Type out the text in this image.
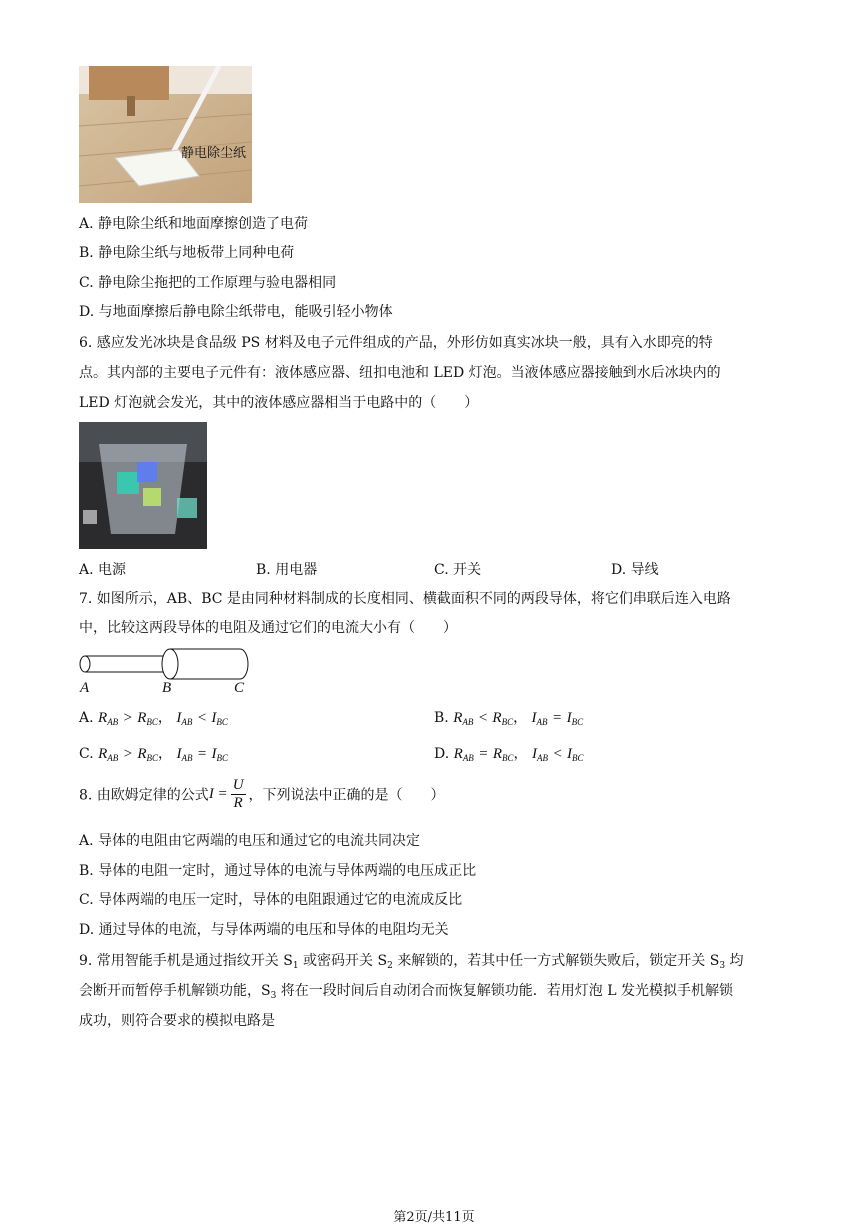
静电除尘纸
A. 静电除尘纸和地面摩擦创造了电荷
B. 静电除尘纸与地板带上同种电荷
C. 静电除尘拖把的工作原理与验电器相同
D. 与地面摩擦后静电除尘纸带电，能吸引轻小物体
6. 感应发光冰块是食品级 PS 材料及电子元件组成的产品，外形仿如真实冰块一般，具有入水即亮的特
点。其内部的主要电子元件有：液体感应器、纽扣电池和 LED 灯泡。当液体感应器接触到水后冰块内的
LED 灯泡就会发光，其中的液体感应器相当于电路中的（　　）
A. 电源	B. 用电器	C. 开关	D. 导线
7. 如图所示，AB、BC 是由同种材料制成的长度相同、横截面积不同的两段导体，将它们串联后连入电路
中，比较这两段导体的电阻及通过它们的电流大小有（　　）
A	B	C
A. $R_{AB} > R_{BC}$， $I_{AB} < I_{BC}$	B. $R_{AB} < R_{BC}$， $I_{AB} = I_{BC}$
C. $R_{AB} > R_{BC}$， $I_{AB} = I_{BC}$	D. $R_{AB} = R_{BC}$， $I_{AB} < I_{BC}$
8. 由欧姆定律的公式$I = \frac{U}{R}$ ，下列说法中正确的是（　　）
A. 导体的电阻由它两端的电压和通过它的电流共同决定
B. 导体的电阻一定时，通过导体的电流与导体两端的电压成正比
C. 导体两端的电压一定时，导体的电阻跟通过它的电流成反比
D. 通过导体的电流，与导体两端的电压和导体的电阻均无关
9. 常用智能手机是通过指纹开关 $S_1$ 或密码开关 $S_2$ 来解锁的，若其中任一方式解锁失败后，锁定开关 $S_3$ 均
会断开而暂停手机解锁功能，$S_3$ 将在一段时间后自动闭合而恢复解锁功能．若用灯泡 L 发光模拟手机解锁
成功，则符合要求的模拟电路是
第2页/共11页
